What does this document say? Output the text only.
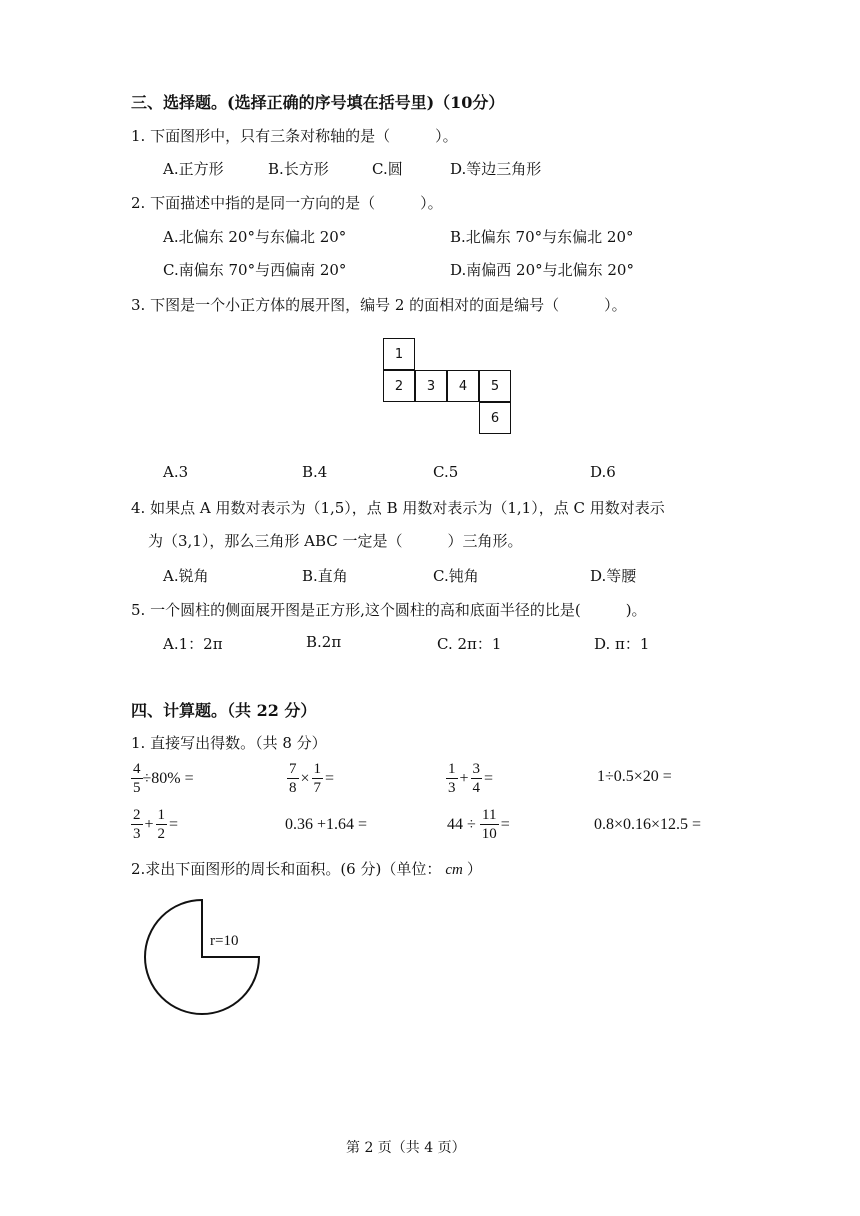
三、选择题。(选择正确的序号填在括号里)（10分）
1. 下面图形中，只有三条对称轴的是（　　　）。
A.正方形	B.长方形	C.圆	D.等边三角形
2. 下面描述中指的是同一方向的是（　　　）。
A.北偏东 20°与东偏北 20°	B.北偏东 70°与东偏北 20°
C.南偏东 70°与西偏南 20°	D.南偏西 20°与北偏东 20°
3. 下图是一个小正方体的展开图，编号 2 的面相对的面是编号（　　　）。
1
2	3	4	5
6
A.3	B.4	C.5	D.6
4. 如果点 A 用数对表示为（1,5），点 B 用数对表示为（1,1），点 C 用数对表示
为（3,1），那么三角形 ABC 一定是（　　　）三角形。
A.锐角	B.直角	C.钝角	D.等腰
5. 一个圆柱的侧面展开图是正方形,这个圆柱的高和底面半径的比是(　　　)。
A.1：2π	B.2π	C. 2π：1	D. π：1
四、计算题。（共 22 分）
1. 直接写出得数。（共 8 分）
$\frac{4}{5} \div 80\%$ =	$\frac{7}{8} \times \frac{1}{7}$ =	$\frac{1}{3} + \frac{3}{4}$ =	1÷0.5×20 =
$\frac{2}{3} + \frac{1}{2}$ =	0.36 +1.64 =	$44 \div \frac{11}{10}$ =	0.8×0.16×12.5 =
2.求出下面图形的周长和面积。(6 分)（单位： cm ）
r=10
第 2 页（共 4 页）
